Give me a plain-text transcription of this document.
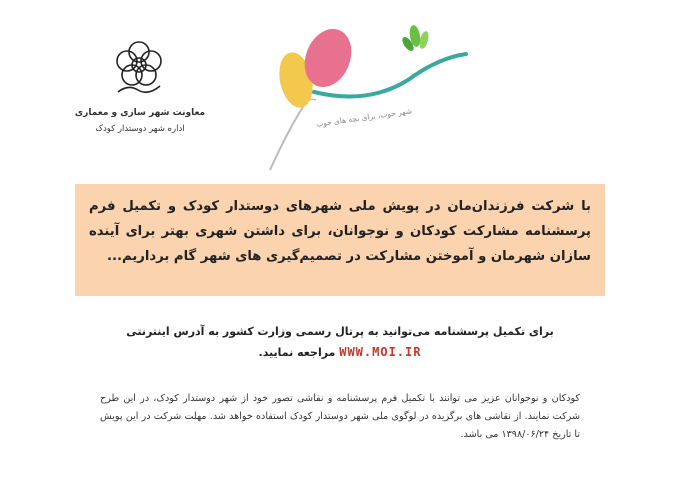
معاونت شهر سازی و معماری
اداره شهر دوستدار کودک
شهر خوب، برای بچه های خوب
با شرکت فرزندان‌مان در پویش ملی شهرهای دوستدار کودک و تکمیل فرم پرسشنامه مشارکت کودکان و نوجوانان، برای داشتن شهری بهتر برای آینده سازان شهرمان و آموختن مشارکت در تصمیم‌گیری های شهر گام برداریم...
برای تکمیل پرسشنامه می‌توانید به پرتال رسمی وزارت کشور به آدرس اینترنتی
WWW.MOI.IR مراجعه نمایید.
کودکان و نوجوانان عزیز می توانند با تکمیل فرم پرسشنامه و نقاشی تصور خود از شهر دوستدار کودک، در این طرح شرکت نمایند. از نقاشی های برگزیده در لوگوی ملی شهر دوستدار کودک استفاده خواهد شد. مهلت شرکت در این پویش تا تاریخ ۱۳۹۸/۰۶/۲۴ می باشد.
